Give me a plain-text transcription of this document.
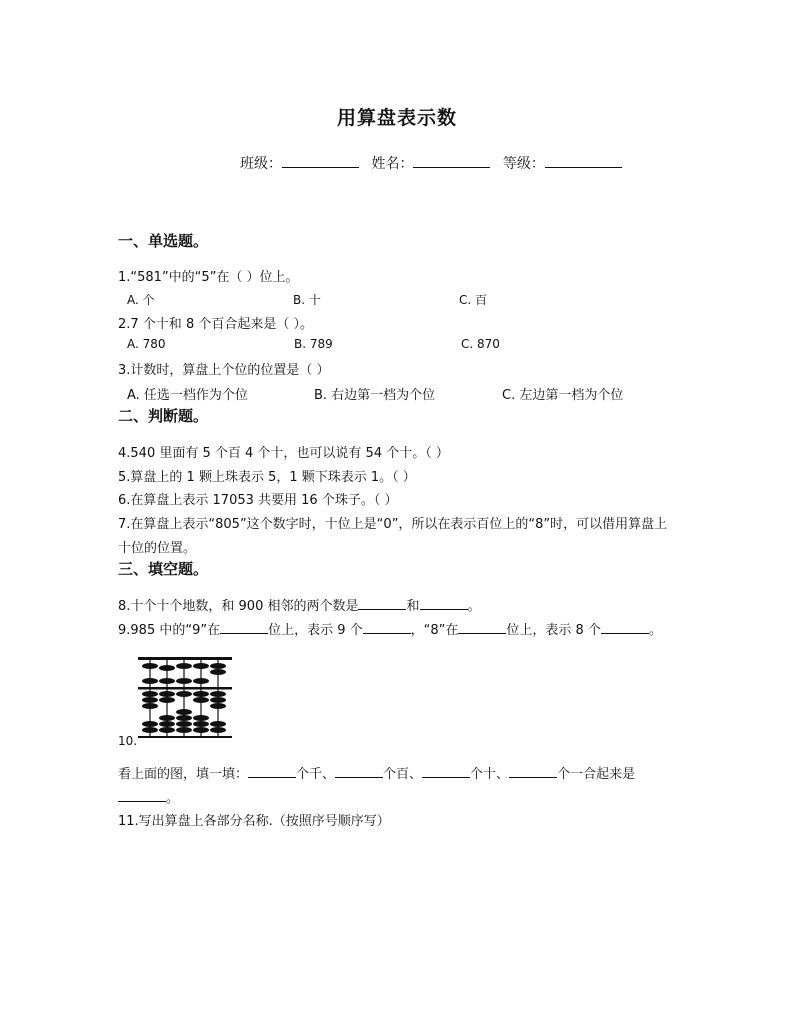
用算盘表示数
班级：	姓名：	等级：
一、单选题。
1.“581”中的“5”在（ ）位上。
A. 个	B. 十	C. 百
2.7 个十和 8 个百合起来是（ ）。
A. 780	B. 789	C. 870
3.计数时，算盘上个位的位置是（ ）
A. 任选一档作为个位	B. 右边第一档为个位	C. 左边第一档为个位
二、判断题。
4.540 里面有 5 个百 4 个十，也可以说有 54 个十。（ ）
5.算盘上的 1 颗上珠表示 5，1 颗下珠表示 1。（ ）
6.在算盘上表示 17053 共要用 16 个珠子。（ ）
7.在算盘上表示“805”这个数字时，十位上是“0”，所以在表示百位上的“8”时，可以借用算盘上
十位的位置。
三、填空题。
8.十个十个地数，和 900 相邻的两个数是	和	。
9.985 中的“9”在	位上，表示 9 个	，“8”在	位上，表示 8 个	。
10.
看上面的图，填一填：	个千、	个百、	个十、	个一合起来是
。
11.写出算盘上各部分名称.（按照序号顺序写）
